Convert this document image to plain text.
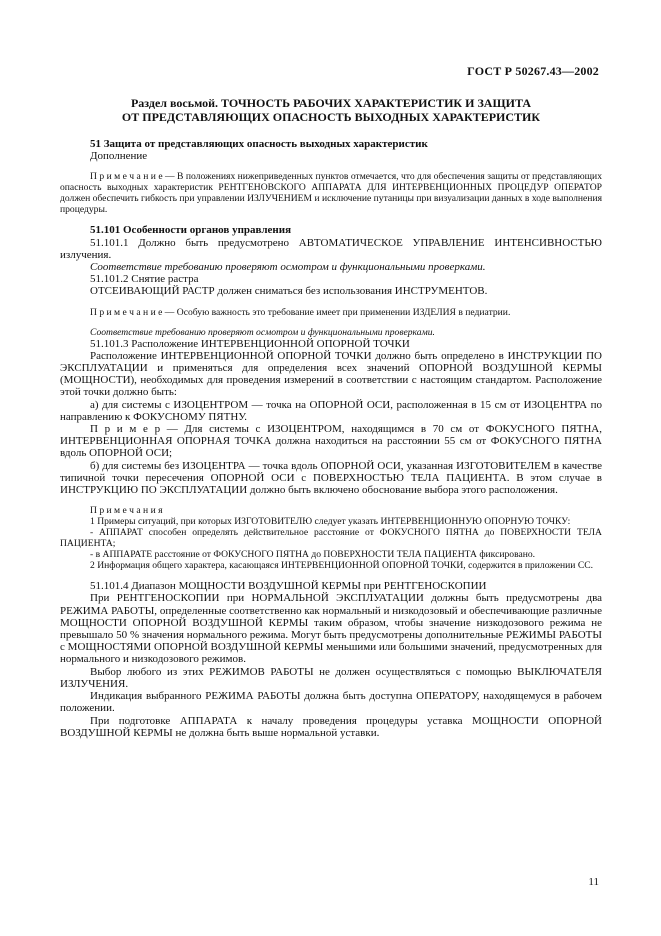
ГОСТ Р 50267.43—2002
Раздел восьмой. ТОЧНОСТЬ РАБОЧИХ ХАРАКТЕРИСТИК И ЗАЩИТА
ОТ ПРЕДСТАВЛЯЮЩИХ ОПАСНОСТЬ ВЫХОДНЫХ ХАРАКТЕРИСТИК

51 Защита от представляющих опасность выходных характеристик

Дополнение

П р и м е ч а н и е — В положениях нижеприведенных пунктов отмечается, что для обеспечения защиты от представляющих опасность выходных характеристик РЕНТГЕНОВСКОГО АППАРАТА ДЛЯ ИНТЕРВЕНЦИОННЫХ ПРОЦЕДУР ОПЕРАТОР должен обеспечить гибкость при управлении ИЗЛУЧЕНИЕМ и исключение путаницы при визуализации данных в ходе выполнения процедуры.

51.101 Особенности органов управления

51.101.1 Должно быть предусмотрено АВТОМАТИЧЕСКОЕ УПРАВЛЕНИЕ ИНТЕНСИВНОСТЬЮ излучения.

Соответствие требованию проверяют осмотром и функциональными проверками.

51.101.2 Снятие растра

ОТСЕИВАЮЩИЙ РАСТР должен сниматься без использования ИНСТРУМЕНТОВ.

П р и м е ч а н и е — Особую важность это требование имеет при применении ИЗДЕЛИЯ в педиатрии.

Соответствие требованию проверяют осмотром и функциональными проверками.

51.101.3 Расположение ИНТЕРВЕНЦИОННОЙ ОПОРНОЙ ТОЧКИ

Расположение ИНТЕРВЕНЦИОННОЙ ОПОРНОЙ ТОЧКИ должно быть определено в ИНСТРУКЦИИ ПО ЭКСПЛУАТАЦИИ и применяться для определения всех значений ОПОРНОЙ ВОЗДУШНОЙ КЕРМЫ (МОЩНОСТИ), необходимых для проведения измерений в соответствии с настоящим стандартом. Расположение этой точки должно быть:

а) для системы с ИЗОЦЕНТРОМ — точка на ОПОРНОЙ ОСИ, расположенная в 15 см от ИЗОЦЕНТРА по направлению к ФОКУСНОМУ ПЯТНУ.

П р и м е р — Для системы с ИЗОЦЕНТРОМ, находящимся в 70 см от ФОКУСНОГО ПЯТНА, ИНТЕРВЕНЦИОННАЯ ОПОРНАЯ ТОЧКА должна находиться на расстоянии 55 см от ФОКУСНОГО ПЯТНА вдоль ОПОРНОЙ ОСИ;

б) для системы без ИЗОЦЕНТРА — точка вдоль ОПОРНОЙ ОСИ, указанная ИЗГОТОВИТЕЛЕМ в качестве типичной точки пересечения ОПОРНОЙ ОСИ с ПОВЕРХНОСТЬЮ ТЕЛА ПАЦИЕНТА. В этом случае в ИНСТРУКЦИЮ ПО ЭКСПЛУАТАЦИИ должно быть включено обоснование выбора этого расположения.

П р и м е ч а н и я

1 Примеры ситуаций, при которых ИЗГОТОВИТЕЛЮ следует указать ИНТЕРВЕНЦИОННУЮ ОПОРНУЮ ТОЧКУ:

- АППАРАТ способен определять действительное расстояние от ФОКУСНОГО ПЯТНА до ПОВЕРХНОСТИ ТЕЛА ПАЦИЕНТА;

- в АППАРАТЕ расстояние от ФОКУСНОГО ПЯТНА до ПОВЕРХНОСТИ ТЕЛА ПАЦИЕНТА фиксировано.

2 Информация общего характера, касающаяся ИНТЕРВЕНЦИОННОЙ ОПОРНОЙ ТОЧКИ, содержится в приложении СС.

51.101.4 Диапазон МОЩНОСТИ ВОЗДУШНОЙ КЕРМЫ при РЕНТГЕНОСКОПИИ

При РЕНТГЕНОСКОПИИ при НОРМАЛЬНОЙ ЭКСПЛУАТАЦИИ должны быть предусмотрены два РЕЖИМА РАБОТЫ, определенные соответственно как нормальный и низкодозовый и обеспечивающие различные МОЩНОСТИ ОПОРНОЙ ВОЗДУШНОЙ КЕРМЫ таким образом, чтобы значение низкодозового режима не превышало 50 % значения нормального режима. Могут быть предусмотрены дополнительные РЕЖИМЫ РАБОТЫ с МОЩНОСТЯМИ ОПОРНОЙ ВОЗДУШНОЙ КЕРМЫ меньшими или большими значений, предусмотренных для нормального и низкодозового режимов.

Выбор любого из этих РЕЖИМОВ РАБОТЫ не должен осуществляться с помощью ВЫКЛЮЧАТЕЛЯ ИЗЛУЧЕНИЯ.

Индикация выбранного РЕЖИМА РАБОТЫ должна быть доступна ОПЕРАТОРУ, находящемуся в рабочем положении.

При подготовке АППАРАТА к началу проведения процедуры уставка МОЩНОСТИ ОПОРНОЙ ВОЗДУШНОЙ КЕРМЫ не должна быть выше нормальной уставки.

11
